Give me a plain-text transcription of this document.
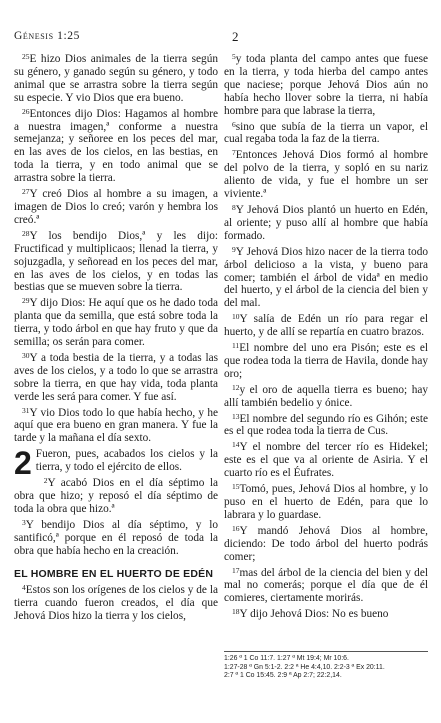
Génesis 1:25	2

$^{25}$E hizo Dios animales de la tierra según su género, y ganado según su género, y todo animal que se arrastra sobre la tierra según su especie. Y vio Dios que era bueno.

$^{26}$Entonces dijo Dios: Hagamos al hombre a nuestra imagen,ª conforme a nuestra semejanza; y señoree en los peces del mar, en las aves de los cielos, en las bestias, en toda la tierra, y en todo animal que se arrastra sobre la tierra.

$^{27}$Y creó Dios al hombre a su imagen, a imagen de Dios lo creó; varón y hembra los creó.ª

$^{28}$Y los bendijo Dios,ª y les dijo: Fructificad y multiplicaos; llenad la tierra, y sojuzgadla, y señoread en los peces del mar, en las aves de los cielos, y en todas las bestias que se mueven sobre la tierra.

$^{29}$Y dijo Dios: He aquí que os he dado toda planta que da semilla, que está sobre toda la tierra, y todo árbol en que hay fruto y que da semilla; os serán para comer.

$^{30}$Y a toda bestia de la tierra, y a todas las aves de los cielos, y a todo lo que se arrastra sobre la tierra, en que hay vida, toda planta verde les será para comer. Y fue así.

$^{31}$Y vio Dios todo lo que había hecho, y he aquí que era bueno en gran manera. Y fue la tarde y la mañana el día sexto.

2 Fueron, pues, acabados los cielos y la tierra, y todo el ejército de ellos.

$^2$Y acabó Dios en el día séptimo la obra que hizo; y reposó el día séptimo de toda la obra que hizo.ª

$^3$Y bendijo Dios al día séptimo, y lo santificó,ª porque en él reposó de toda la obra que había hecho en la creación.

EL HOMBRE EN EL HUERTO DE EDÉN

$^4$Estos son los orígenes de los cielos y de la tierra cuando fueron creados, el día que Jehová Dios hizo la tierra y los cielos,

$^5$y toda planta del campo antes que fuese en la tierra, y toda hierba del campo antes que naciese; porque Jehová Dios aún no había hecho llover sobre la tierra, ni había hombre para que labrase la tierra,

$^6$sino que subía de la tierra un vapor, el cual regaba toda la faz de la tierra.

$^7$Entonces Jehová Dios formó al hombre del polvo de la tierra, y sopló en su nariz aliento de vida, y fue el hombre un ser viviente.ª

$^8$Y Jehová Dios plantó un huerto en Edén, al oriente; y puso allí al hombre que había formado.

$^9$Y Jehová Dios hizo nacer de la tierra todo árbol delicioso a la vista, y bueno para comer; también el árbol de vidaª en medio del huerto, y el árbol de la ciencia del bien y del mal.

$^{10}$Y salía de Edén un río para regar el huerto, y de allí se repartía en cuatro brazos.

$^{11}$El nombre del uno era Pisón; este es el que rodea toda la tierra de Havila, donde hay oro;

$^{12}$y el oro de aquella tierra es bueno; hay allí también bedelio y ónice.

$^{13}$El nombre del segundo río es Gihón; este es el que rodea toda la tierra de Cus.

$^{14}$Y el nombre del tercer río es Hidekel; este es el que va al oriente de Asiria. Y el cuarto río es el Éufrates.

$^{15}$Tomó, pues, Jehová Dios al hombre, y lo puso en el huerto de Edén, para que lo labrara y lo guardase.

$^{16}$Y mandó Jehová Dios al hombre, diciendo: De todo árbol del huerto podrás comer;

$^{17}$mas del árbol de la ciencia del bien y del mal no comerás; porque el día que de él comieres, ciertamente morirás.

$^{18}$Y dijo Jehová Dios: No es bueno

1:26 ª 1 Co 11:7. 1:27 ª Mt 19:4; Mr 10:6.
1:27-28 ª Gn 5:1-2. 2:2 ª He 4:4,10. 2:2-3 ª Éx 20:11.
2:7 ª 1 Co 15:45. 2:9 ª Ap 2:7; 22:2,14.
